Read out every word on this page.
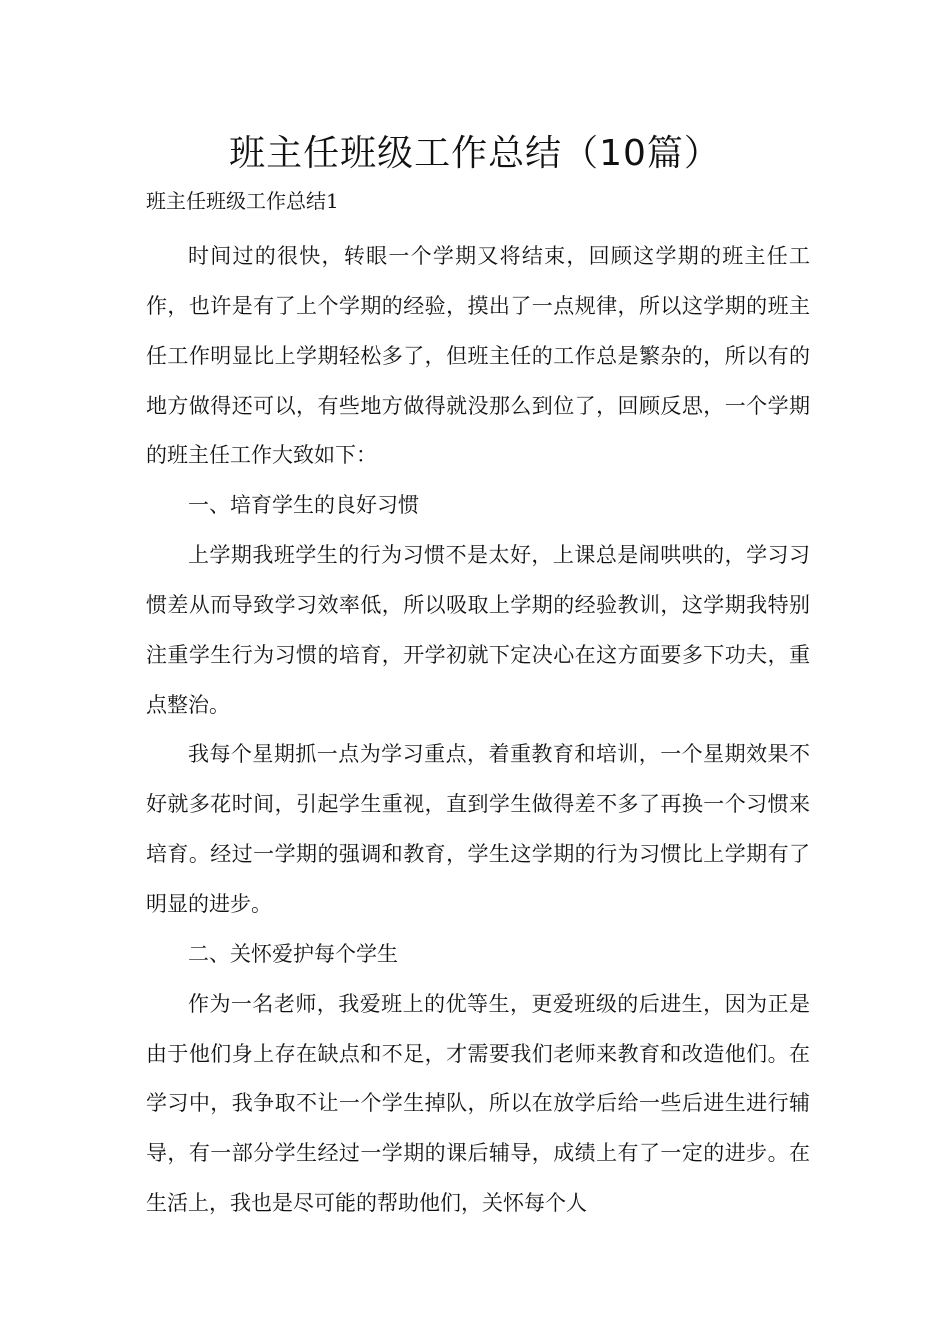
班主任班级工作总结（10篇）
班主任班级工作总结1

时间过的很快，转眼一个学期又将结束，回顾这学期的班主任工作，也许是有了上个学期的经验，摸出了一点规律，所以这学期的班主任工作明显比上学期轻松多了，但班主任的工作总是繁杂的，所以有的地方做得还可以，有些地方做得就没那么到位了，回顾反思，一个学期的班主任工作大致如下：

一、培育学生的良好习惯

上学期我班学生的行为习惯不是太好，上课总是闹哄哄的，学习习惯差从而导致学习效率低，所以吸取上学期的经验教训，这学期我特别注重学生行为习惯的培育，开学初就下定决心在这方面要多下功夫，重点整治。

我每个星期抓一点为学习重点，着重教育和培训，一个星期效果不好就多花时间，引起学生重视，直到学生做得差不多了再换一个习惯来培育。经过一学期的强调和教育，学生这学期的行为习惯比上学期有了明显的进步。

二、关怀爱护每个学生

作为一名老师，我爱班上的优等生，更爱班级的后进生，因为正是由于他们身上存在缺点和不足，才需要我们老师来教育和改造他们。在学习中，我争取不让一个学生掉队，所以在放学后给一些后进生进行辅导，有一部分学生经过一学期的课后辅导，成绩上有了一定的进步。在生活上，我也是尽可能的帮助他们，关怀每个人
